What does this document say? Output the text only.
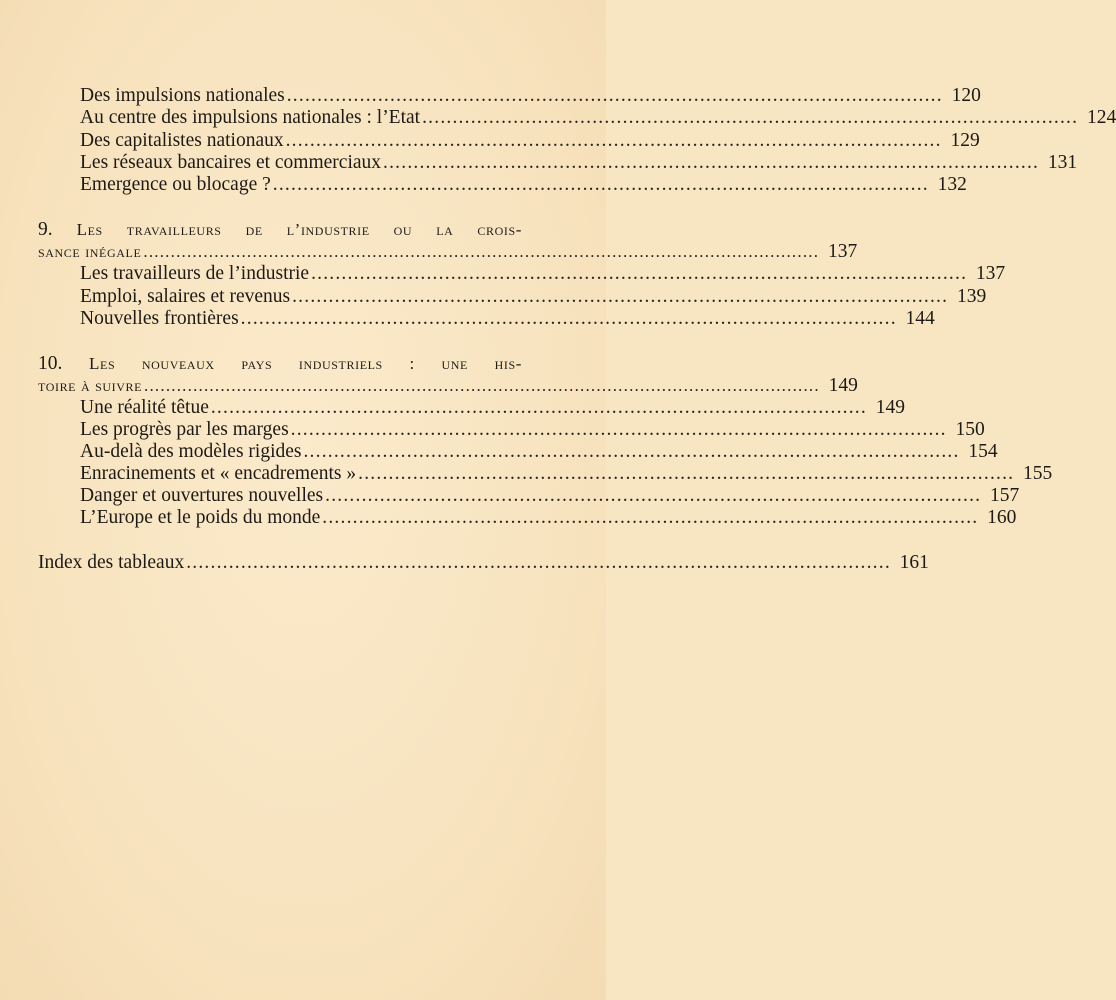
Des impulsions nationales ............................................................................................................ 120
Au centre des impulsions nationales : l’Etat ............................................................................................................ 124
Des capitalistes nationaux ............................................................................................................ 129
Les réseaux bancaires et commerciaux ............................................................................................................ 131
Emergence ou blocage ? ............................................................................................................ 132
9. Les travailleurs de l’industrie ou la crois-
sance inégale ............................................................................................................................ 137
Les travailleurs de l’industrie ............................................................................................................ 137
Emploi, salaires et revenus ............................................................................................................ 139
Nouvelles frontières ............................................................................................................ 144
10. Les nouveaux pays industriels : une his-
toire à suivre ............................................................................................................................ 149
Une réalité têtue ............................................................................................................ 149
Les progrès par les marges ............................................................................................................ 150
Au-delà des modèles rigides ............................................................................................................ 154
Enracinements et « encadrements » ............................................................................................................ 155
Danger et ouvertures nouvelles ............................................................................................................ 157
L’Europe et le poids du monde ............................................................................................................ 160
Index des tableaux .................................................................................................................... 161
